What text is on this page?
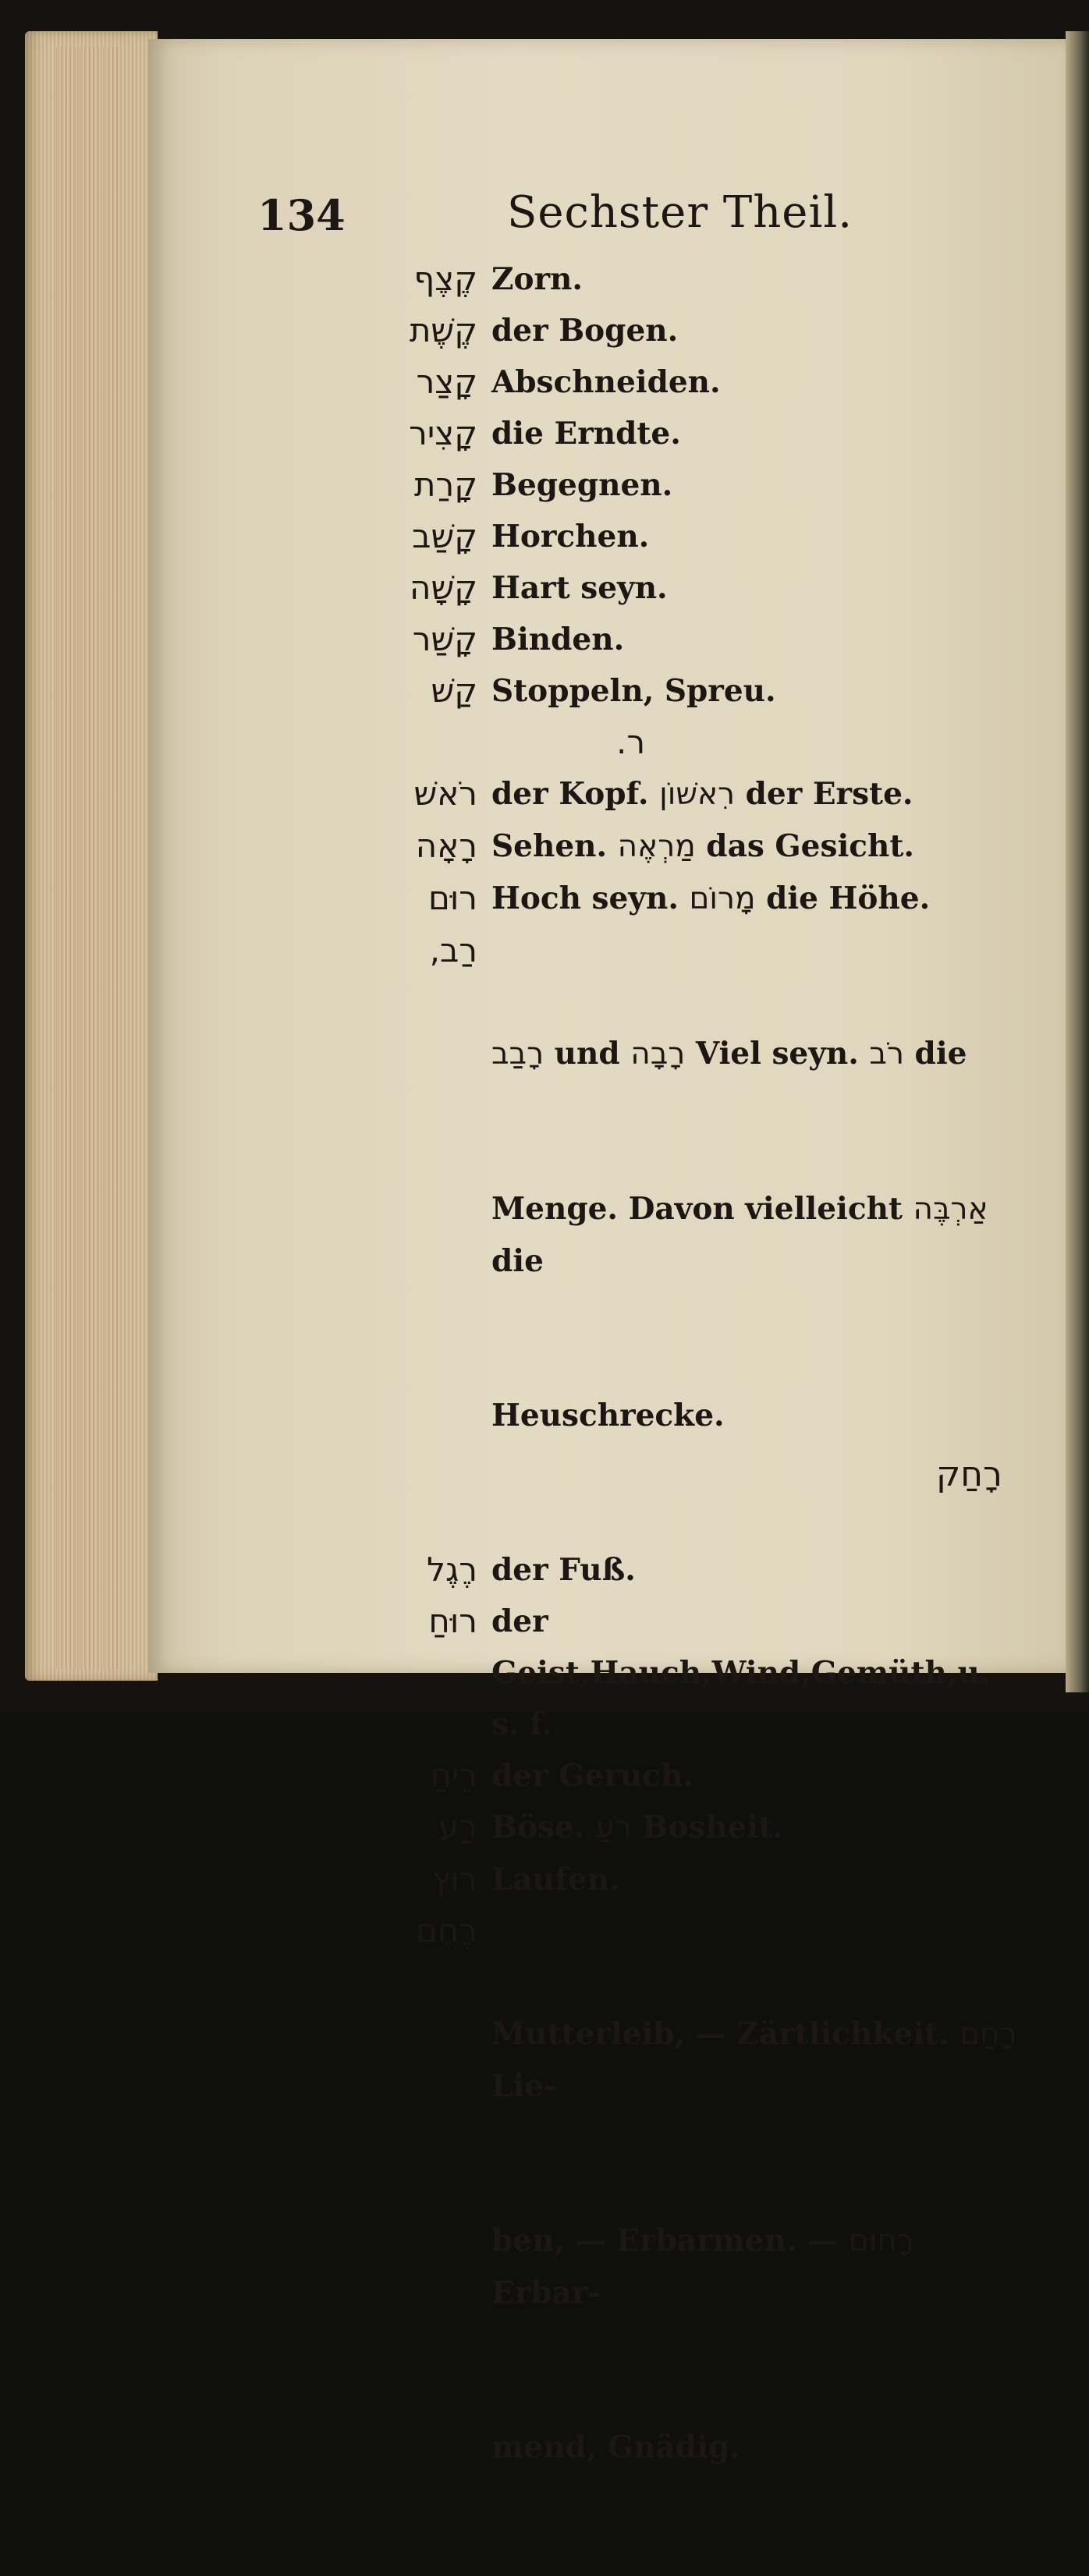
134	Sechster Theil.
קֶצֶף Zorn.
קֶשֶׁת der Bogen.
קָצַר Abschneiden.
קָצִיר die Erndte.
קָרַת Begegnen.
קָשַׁב Horchen.
קָשָׁה Hart seyn.
קָשַׁר Binden.
קַשׁ Stoppeln, Spreu.
ר.
רֹאשׁ der Kopf. רִאשׁוֹן der Erste.
רָאָה Sehen. מַרְאֶה das Gesicht.
רוּם Hoch seyn. מָרוֹם die Höhe.
רַב,

רָבַב und רָבָה Viel seyn. רֹב die

Menge. Davon vielleicht אַרְבֶּה die

Heuschrecke.

רֶגֶל der Fuß.
רוּחַ der Geist,Hauch,Wind,Gemüth,u. s. f.
רֵיחַ der Geruch.
רַע Böse. רֹעַ Bosheit.
רוּץ Laufen.
רֶחֶם

Mutterleib, — Zärtlichkeit. רָחַם Lie-

ben, — Erbarmen. — רָחוּם Erbar-

mend, Gnädig.

רָחַק
